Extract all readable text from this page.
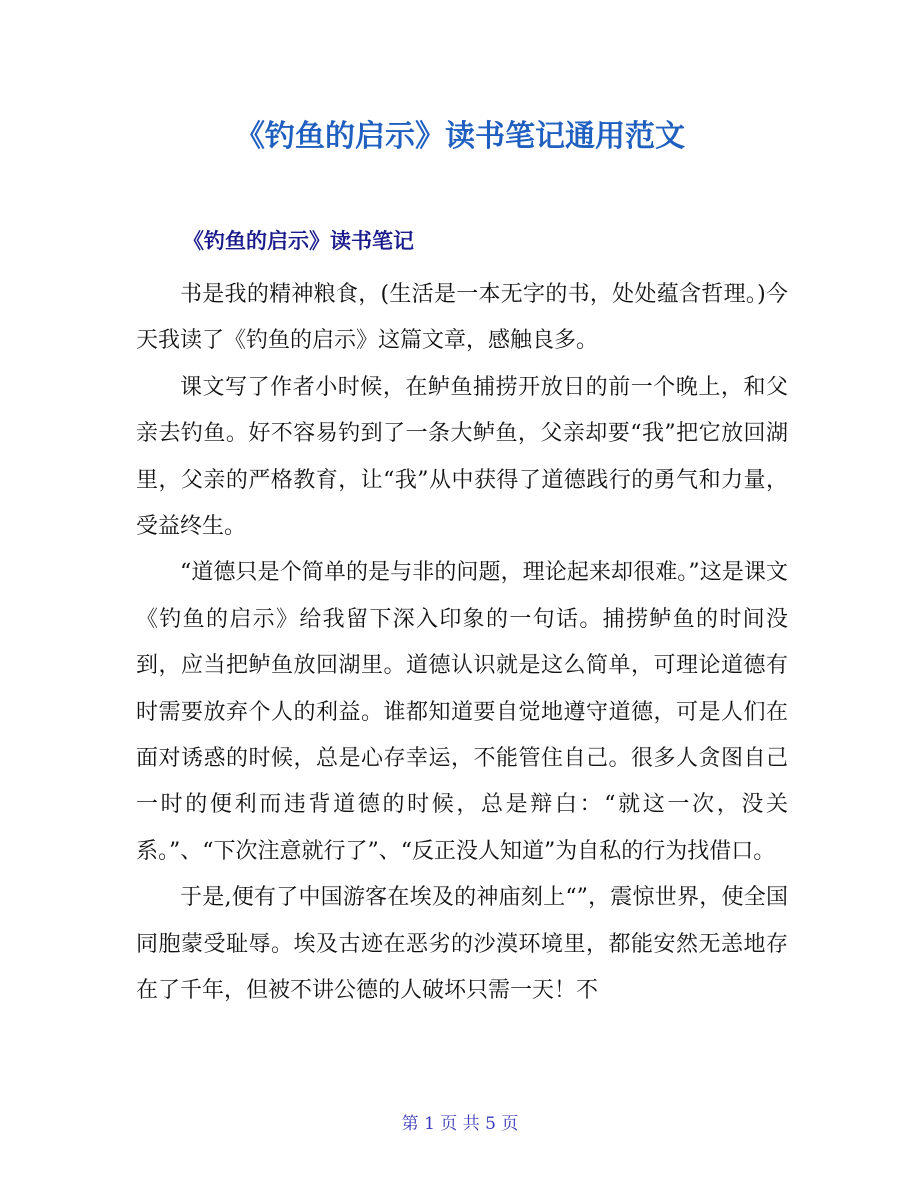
《钓鱼的启示》读书笔记通用范文
《钓鱼的启示》读书笔记

书是我的精神粮食，(生活是一本无字的书，处处蕴含哲理。)今天我读了《钓鱼的启示》这篇文章，感触良多。

课文写了作者小时候，在鲈鱼捕捞开放日的前一个晚上，和父亲去钓鱼。好不容易钓到了一条大鲈鱼，父亲却要“我”把它放回湖里，父亲的严格教育，让“我”从中获得了道德践行的勇气和力量，受益终生。

“道德只是个简单的是与非的问题，理论起来却很难。”这是课文《钓鱼的启示》给我留下深入印象的一句话。捕捞鲈鱼的时间没到，应当把鲈鱼放回湖里。道德认识就是这么简单，可理论道德有时需要放弃个人的利益。谁都知道要自觉地遵守道德，可是人们在面对诱惑的时候，总是心存幸运，不能管住自己。很多人贪图自己一时的便利而违背道德的时候，总是辩白：“就这一次，没关系。”、“下次注意就行了”、“反正没人知道”为自私的行为找借口。

于是,便有了中国游客在埃及的神庙刻上“”，震惊世界，使全国同胞蒙受耻辱。埃及古迹在恶劣的沙漠环境里，都能安然无恙地存在了千年，但被不讲公德的人破坏只需一天！不

第 1 页 共 5 页
